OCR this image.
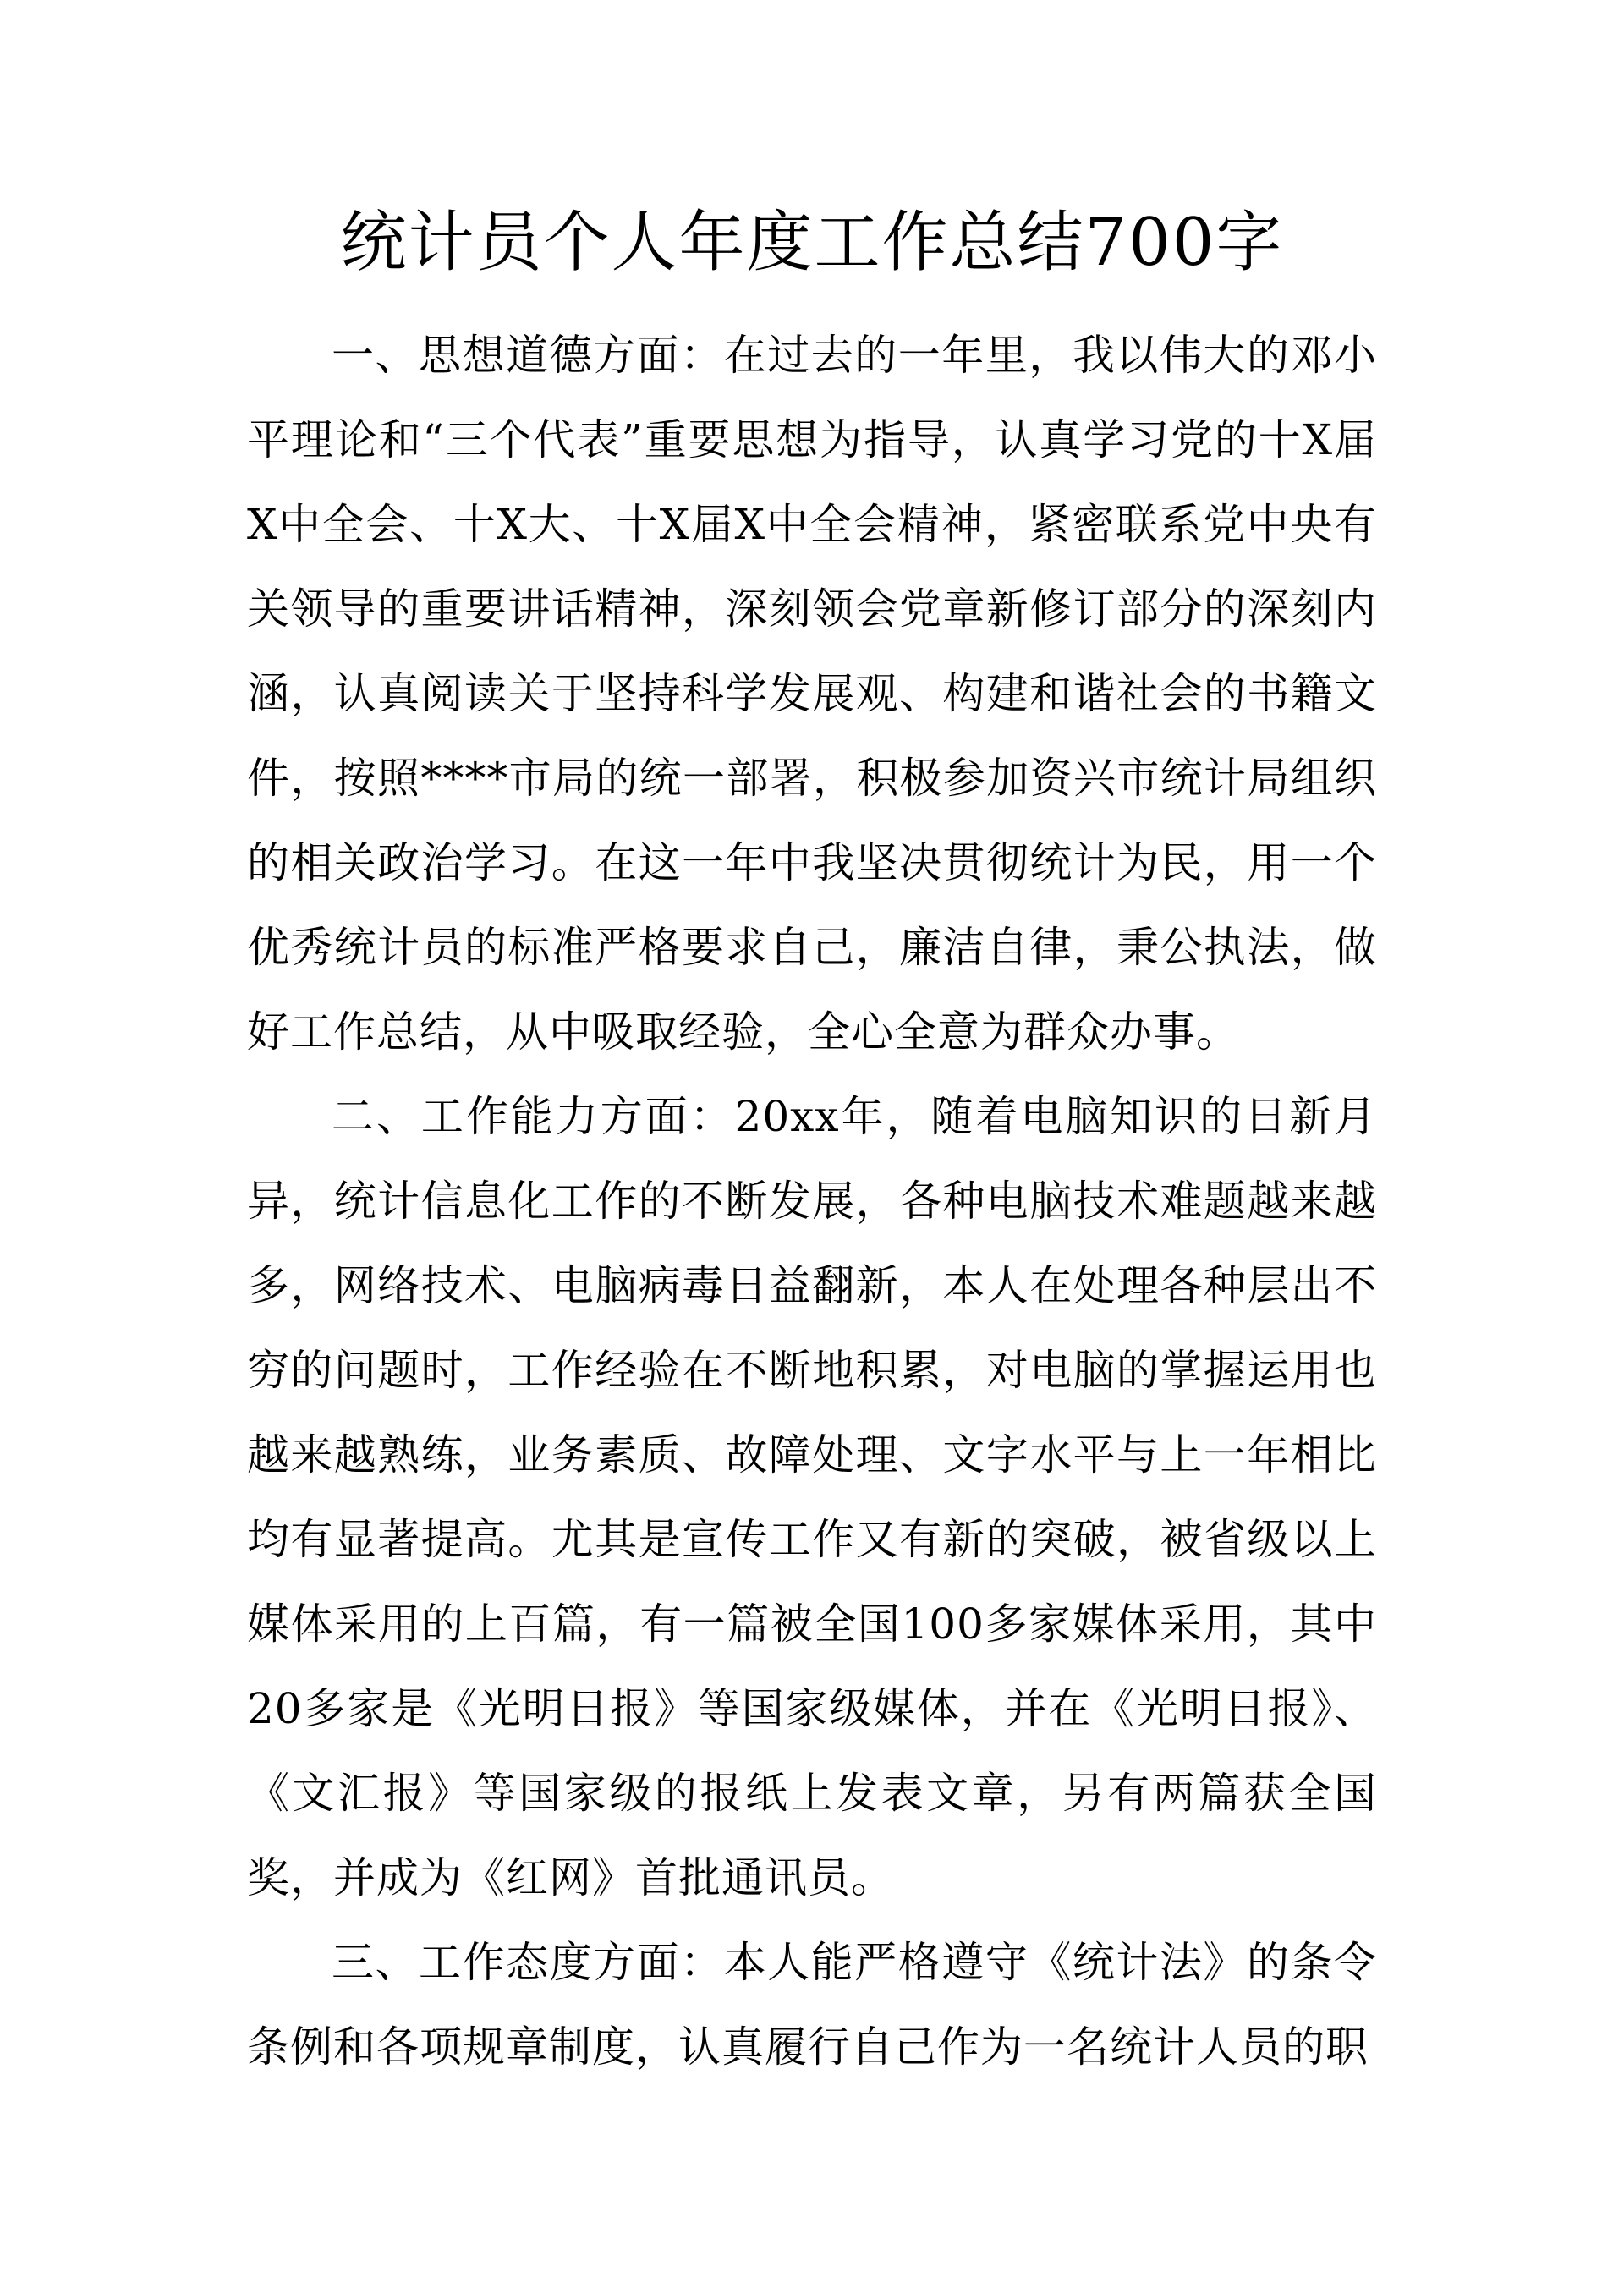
统计员个人年度工作总结700字

一、思想道德方面：在过去的一年里，我以伟大的邓小平理论和“三个代表”重要思想为指导，认真学习党的十X届X中全会、十X大、十X届X中全会精神，紧密联系党中央有关领导的重要讲话精神，深刻领会党章新修订部分的深刻内涵，认真阅读关于坚持科学发展观、构建和谐社会的书籍文件，按照****市局的统一部署，积极参加资兴市统计局组织的相关政治学习。在这一年中我坚决贯彻统计为民，用一个优秀统计员的标准严格要求自己，廉洁自律，秉公执法，做好工作总结，从中吸取经验，全心全意为群众办事。

二、工作能力方面：20xx年，随着电脑知识的日新月异，统计信息化工作的不断发展，各种电脑技术难题越来越多，网络技术、电脑病毒日益翻新，本人在处理各种层出不穷的问题时，工作经验在不断地积累，对电脑的掌握运用也越来越熟练，业务素质、故障处理、文字水平与上一年相比均有显著提高。尤其是宣传工作又有新的突破，被省级以上媒体采用的上百篇，有一篇被全国100多家媒体采用，其中20多家是《光明日报》等国家级媒体，并在《光明日报》、《文汇报》等国家级的报纸上发表文章，另有两篇获全国奖，并成为《红网》首批通讯员。

三、工作态度方面：本人能严格遵守《统计法》的条令条例和各项规章制度，认真履行自己作为一名统计人员的职
